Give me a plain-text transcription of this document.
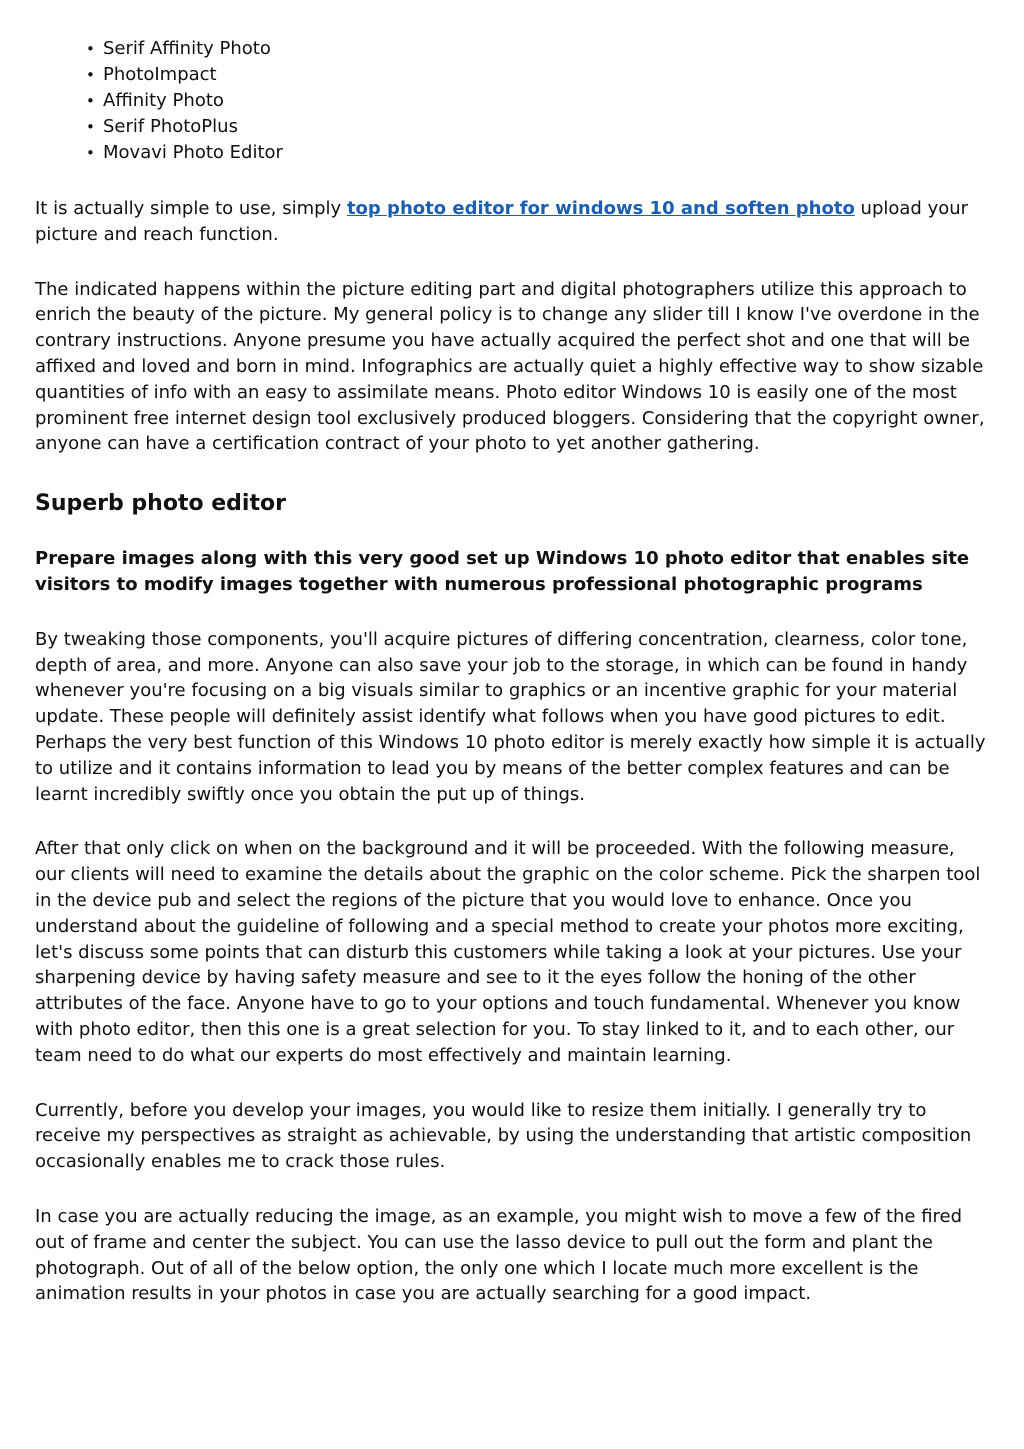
• Serif Affinity Photo
• PhotoImpact
• Affinity Photo
• Serif PhotoPlus
• Movavi Photo Editor

It is actually simple to use, simply top photo editor for windows 10 and soften photo upload your picture and reach function.

The indicated happens within the picture editing part and digital photographers utilize this approach to enrich the beauty of the picture. My general policy is to change any slider till I know I've overdone in the contrary instructions. Anyone presume you have actually acquired the perfect shot and one that will be affixed and loved and born in mind. Infographics are actually quiet a highly effective way to show sizable quantities of info with an easy to assimilate means. Photo editor Windows 10 is easily one of the most prominent free internet design tool exclusively produced bloggers. Considering that the copyright owner, anyone can have a certification contract of your photo to yet another gathering.

Superb photo editor
Prepare images along with this very good set up Windows 10 photo editor that enables site visitors to modify images together with numerous professional photographic programs

By tweaking those components, you'll acquire pictures of differing concentration, clearness, color tone, depth of area, and more. Anyone can also save your job to the storage, in which can be found in handy whenever you're focusing on a big visuals similar to graphics or an incentive graphic for your material update. These people will definitely assist identify what follows when you have good pictures to edit. Perhaps the very best function of this Windows 10 photo editor is merely exactly how simple it is actually to utilize and it contains information to lead you by means of the better complex features and can be learnt incredibly swiftly once you obtain the put up of things.

After that only click on when on the background and it will be proceeded. With the following measure, our clients will need to examine the details about the graphic on the color scheme. Pick the sharpen tool in the device pub and select the regions of the picture that you would love to enhance. Once you understand about the guideline of following and a special method to create your photos more exciting, let's discuss some points that can disturb this customers while taking a look at your pictures. Use your sharpening device by having safety measure and see to it the eyes follow the honing of the other attributes of the face. Anyone have to go to your options and touch fundamental. Whenever you know with photo editor, then this one is a great selection for you. To stay linked to it, and to each other, our team need to do what our experts do most effectively and maintain learning.

Currently, before you develop your images, you would like to resize them initially. I generally try to receive my perspectives as straight as achievable, by using the understanding that artistic composition occasionally enables me to crack those rules.

In case you are actually reducing the image, as an example, you might wish to move a few of the fired out of frame and center the subject. You can use the lasso device to pull out the form and plant the photograph. Out of all of the below option, the only one which I locate much more excellent is the animation results in your photos in case you are actually searching for a good impact.
